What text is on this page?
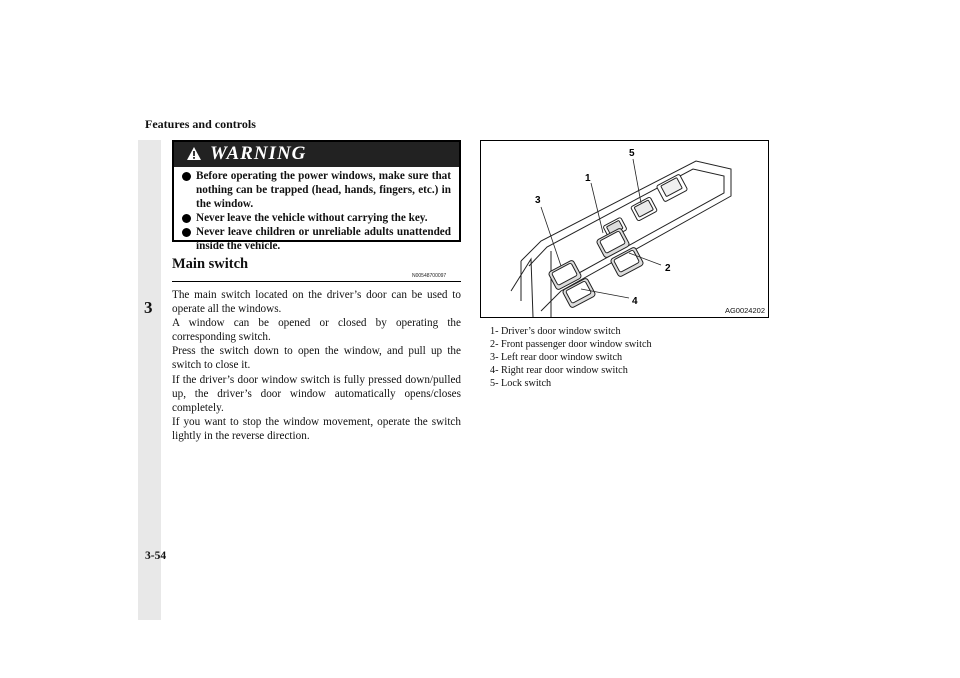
Features and controls
3
WARNING
Before operating the power windows, make sure that nothing can be trapped (head, hands, fingers, etc.) in the window.
Never leave the vehicle without carrying the key.
Never leave children or unreliable adults unattended inside the vehicle.
Main switch
N00548700097

The main switch located on the driver’s door can be used to operate all the windows.

A window can be opened or closed by operating the corresponding switch.

Press the switch down to open the window, and pull up the switch to close it.

If the driver’s door window switch is fully pressed down/pulled up, the driver’s door window automatically opens/closes completely.

If you want to stop the window movement, operate the switch lightly in the reverse direction.

5
1
3
2
4
AG0024202
1- Driver’s door window switch
2- Front passenger door window switch
3- Left rear door window switch
4- Right rear door window switch
5- Lock switch
3-54
